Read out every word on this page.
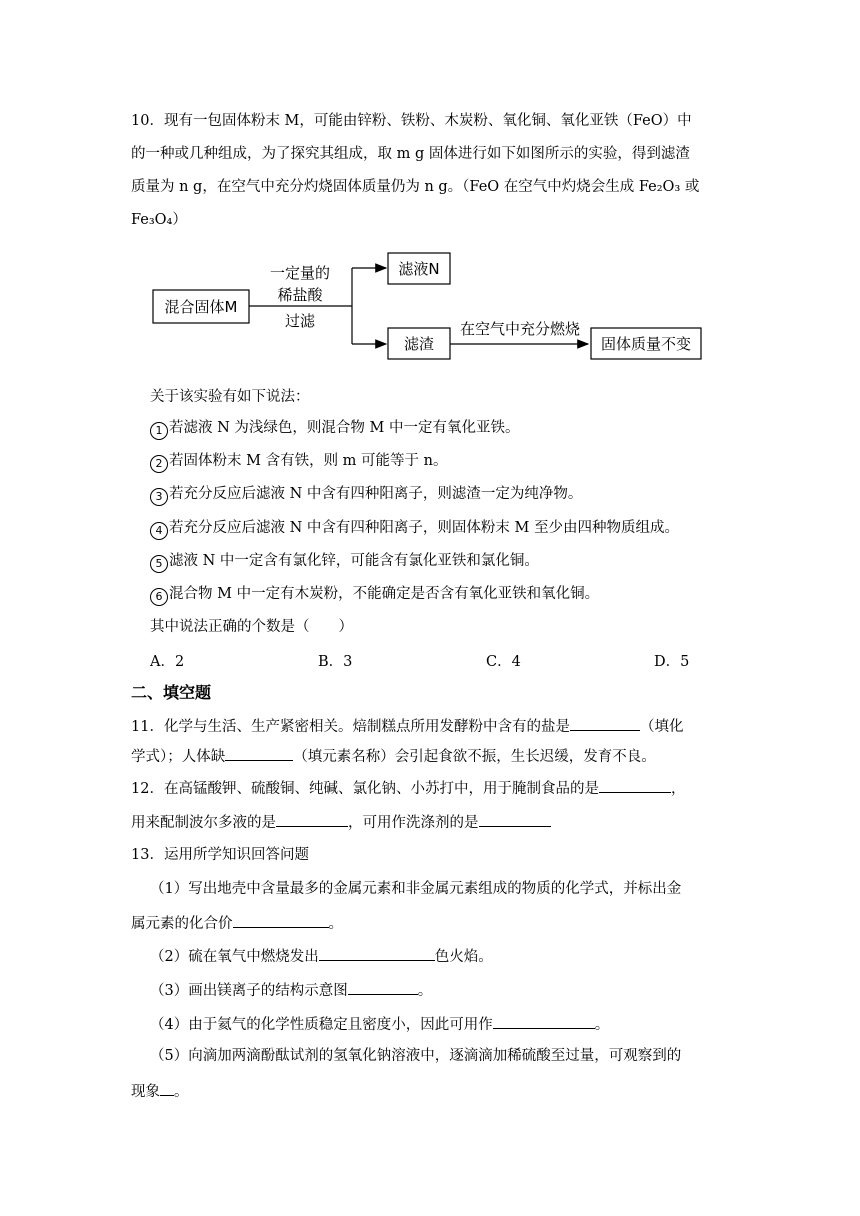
10．现有一包固体粉末 M，可能由锌粉、铁粉、木炭粉、氧化铜、氧化亚铁（FeO）中
的一种或几种组成，为了探究其组成，取 m g 固体进行如下如图所示的实验，得到滤渣
质量为 n g，在空气中充分灼烧固体质量仍为 n g。（FeO 在空气中灼烧会生成 Fe₂O₃ 或
Fe₃O₄）
混合固体M
一定量的
稀盐酸
过滤
滤液N
滤渣
在空气中充分燃烧
固体质量不变
关于该实验有如下说法：
1 若滤液 N 为浅绿色，则混合物 M 中一定有氧化亚铁。
2 若固体粉末 M 含有铁，则 m 可能等于 n。
3 若充分反应后滤液 N 中含有四种阳离子，则滤渣一定为纯净物。
4 若充分反应后滤液 N 中含有四种阳离子，则固体粉末 M 至少由四种物质组成。
5 滤液 N 中一定含有氯化锌，可能含有氯化亚铁和氯化铜。
6 混合物 M 中一定有木炭粉，不能确定是否含有氧化亚铁和氧化铜。
其中说法正确的个数是（　　）
A．2	B．3	C．4	D．5
二、填空题
11．化学与生活、生产紧密相关。焙制糕点所用发酵粉中含有的盐是	（填化
学式）；人体缺	（填元素名称）会引起食欲不振，生长迟缓，发育不良。
12．在高锰酸钾、硫酸铜、纯碱、氯化钠、小苏打中，用于腌制食品的是	，
用来配制波尔多液的是	，可用作洗涤剂的是
13．运用所学知识回答问题
（1）写出地壳中含量最多的金属元素和非金属元素组成的物质的化学式，并标出金
属元素的化合价	。
（2）硫在氧气中燃烧发出	色火焰。
（3）画出镁离子的结构示意图	。
（4）由于氦气的化学性质稳定且密度小，因此可用作	。
（5）向滴加两滴酚酞试剂的氢氧化钠溶液中，逐滴滴加稀硫酸至过量，可观察到的
现象 。
